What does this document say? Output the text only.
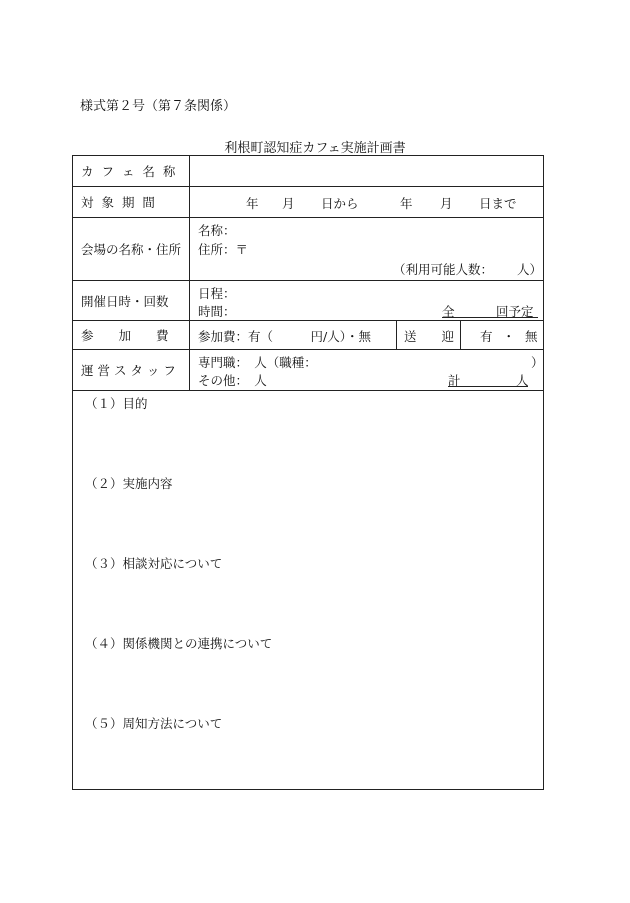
様式第２号（第７条関係）
利根町認知症カフェ実施計画書
カ フ ェ 名 称
対 象 期 間	年 月 日から	年 月 日まで
会場の名称・住所
名称：
住所：〒
（利用可能人数： 人）
開催日時・回数	日程：
時間：	全	回予定
参　　加　　費	参加費：有（　　　円/人）・無	送　　迎 有 ・ 無
運 営 ス タ ッ フ
専門職：　人（職種：	）
その他：　人	計	人
（１）目的
（２）実施内容
（３）相談対応について
（４）関係機関との連携について
（５）周知方法について
